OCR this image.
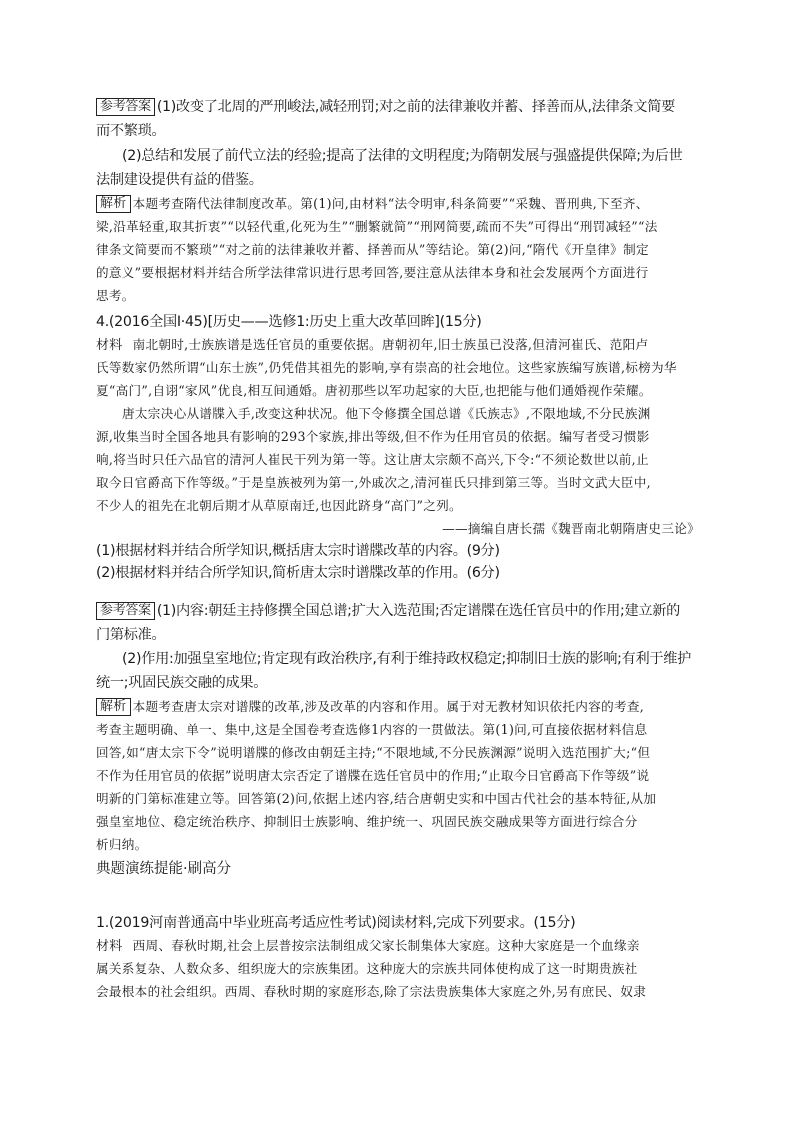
参考答案 (1)改变了北周的严刑峻法,减轻刑罚;对之前的法律兼收并蓄、择善而从,法律条文简要
而不繁琐。
(2)总结和发展了前代立法的经验;提高了法律的文明程度;为隋朝发展与强盛提供保障;为后世
法制建设提供有益的借鉴。
解析 本题考查隋代法律制度改革。第(1)问,由材料“法令明审,科条简要”“采魏、晋刑典,下至齐、
梁,沿革轻重,取其折衷”“以轻代重,化死为生”“删繁就简”“刑网简要,疏而不失”可得出“刑罚减轻”“法
律条文简要而不繁琐”“对之前的法律兼收并蓄、择善而从”等结论。第(2)问,“隋代《开皇律》制定
的意义”要根据材料并结合所学法律常识进行思考回答,要注意从法律本身和社会发展两个方面进行
思考。
4.(2016全国Ⅰ·45)[历史——选修1:历史上重大改革回眸](15分)
材料 南北朝时,士族族谱是选任官员的重要依据。唐朝初年,旧士族虽已没落,但清河崔氏、范阳卢
氏等数家仍然所谓“山东士族”,仍凭借其祖先的影响,享有崇高的社会地位。这些家族编写族谱,标榜为华
夏“高门”,自诩“家风”优良,相互间通婚。唐初那些以军功起家的大臣,也把能与他们通婚视作荣耀。
唐太宗决心从谱牒入手,改变这种状况。他下令修撰全国总谱《氏族志》,不限地域,不分民族渊
源,收集当时全国各地具有影响的293个家族,排出等级,但不作为任用官员的依据。编写者受习惯影
响,将当时只任六品官的清河人崔民干列为第一等。这让唐太宗颇不高兴,下令:“不须论数世以前,止
取今日官爵高下作等级。”于是皇族被列为第一,外戚次之,清河崔氏只排到第三等。当时文武大臣中,
不少人的祖先在北朝后期才从草原南迁,也因此跻身“高门”之列。
——摘编自唐长孺《魏晋南北朝隋唐史三论》
(1)根据材料并结合所学知识,概括唐太宗时谱牒改革的内容。(9分)
(2)根据材料并结合所学知识,简析唐太宗时谱牒改革的作用。(6分)
参考答案 (1)内容:朝廷主持修撰全国总谱;扩大入选范围;否定谱牒在选任官员中的作用;建立新的
门第标准。
(2)作用:加强皇室地位;肯定现有政治秩序,有利于维持政权稳定;抑制旧士族的影响;有利于维护
统一;巩固民族交融的成果。
解析 本题考查唐太宗对谱牒的改革,涉及改革的内容和作用。属于对无教材知识依托内容的考查,
考查主题明确、单一、集中,这是全国卷考查选修1内容的一贯做法。第(1)问,可直接依据材料信息
回答,如“唐太宗下令”说明谱牒的修改由朝廷主持;“不限地域,不分民族渊源”说明入选范围扩大;“但
不作为任用官员的依据”说明唐太宗否定了谱牒在选任官员中的作用;“止取今日官爵高下作等级”说
明新的门第标准建立等。回答第(2)问,依据上述内容,结合唐朝史实和中国古代社会的基本特征,从加
强皇室地位、稳定统治秩序、抑制旧士族影响、维护统一、巩固民族交融成果等方面进行综合分
析归纳。
典题演练提能·刷高分
1.(2019河南普通高中毕业班高考适应性考试)阅读材料,完成下列要求。(15分)
材料 西周、春秋时期,社会上层普按宗法制组成父家长制集体大家庭。这种大家庭是一个血缘亲
属关系复杂、人数众多、组织庞大的宗族集团。这种庞大的宗族共同体使构成了这一时期贵族社
会最根本的社会组织。西周、春秋时期的家庭形态,除了宗法贵族集体大家庭之外,另有庶民、奴隶
